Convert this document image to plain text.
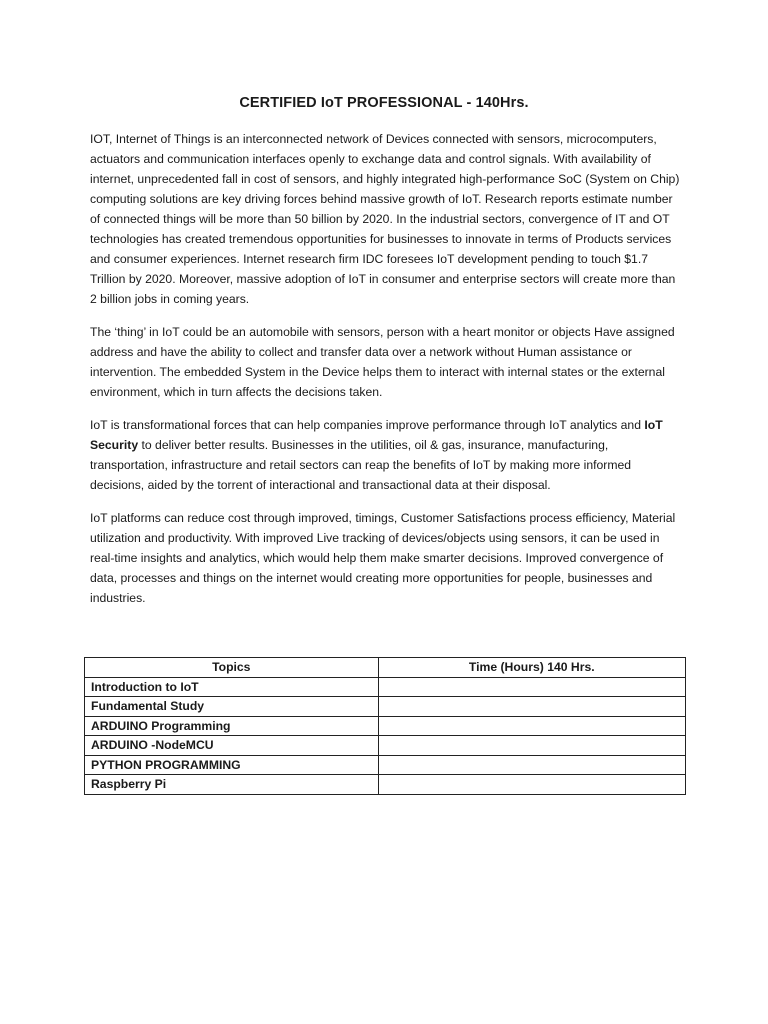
CERTIFIED IoT PROFESSIONAL - 140Hrs.

IOT, Internet of Things is an interconnected network of Devices connected with sensors, microcomputers, actuators and communication interfaces openly to exchange data and control signals. With availability of internet, unprecedented fall in cost of sensors, and highly integrated high-performance SoC (System on Chip) computing solutions are key driving forces behind massive growth of IoT. Research reports estimate number of connected things will be more than 50 billion by 2020. In the industrial sectors, convergence of IT and OT technologies has created tremendous opportunities for businesses to innovate in terms of Products services and consumer experiences. Internet research firm IDC foresees IoT development pending to touch $1.7 Trillion by 2020. Moreover, massive adoption of IoT in consumer and enterprise sectors will create more than 2 billion jobs in coming years.

The ‘thing’ in IoT could be an automobile with sensors, person with a heart monitor or objects Have assigned address and have the ability to collect and transfer data over a network without Human assistance or intervention. The embedded System in the Device helps them to interact with internal states or the external environment, which in turn affects the decisions taken.

IoT is transformational forces that can help companies improve performance through IoT analytics and IoT Security to deliver better results. Businesses in the utilities, oil & gas, insurance, manufacturing, transportation, infrastructure and retail sectors can reap the benefits of IoT by making more informed decisions, aided by the torrent of interactional and transactional data at their disposal.

IoT platforms can reduce cost through improved, timings, Customer Satisfactions process efficiency, Material utilization and productivity. With improved Live tracking of devices/objects using sensors, it can be used in real-time insights and analytics, which would help them make smarter decisions. Improved convergence of data, processes and things on the internet would creating more opportunities for people, businesses and industries.

Topics	Time (Hours) 140 Hrs.
Introduction to IoT	
Fundamental Study	
ARDUINO Programming	
ARDUINO -NodeMCU	
PYTHON PROGRAMMING	
Raspberry Pi	
